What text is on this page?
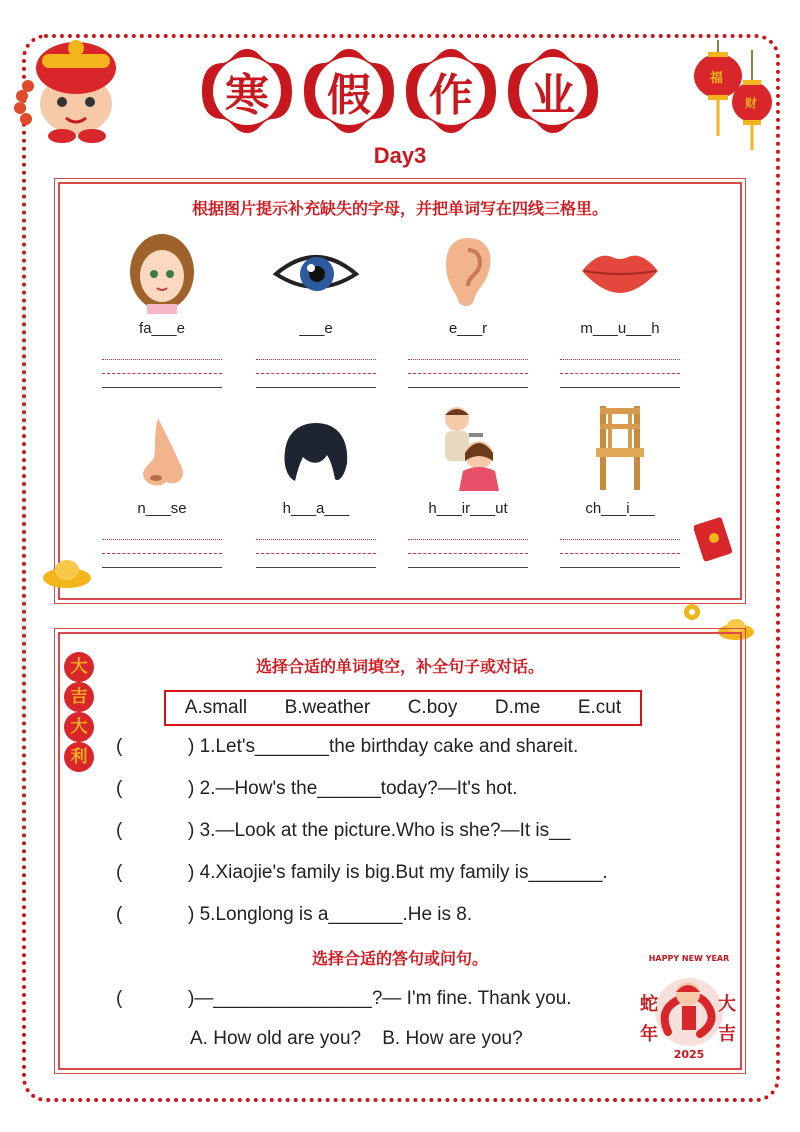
福
财
寒 假 作 业
Day3
根据图片提示补充缺失的字母，并把单词写在四线三格里。
fa___e	___e	e___r	m___u___h
n___se	h___a___	h___ir___ut	ch___i___
选择合适的单词填空，补全句子或对话。
大
吉
大
利
A.small B.weather C.boy D.me E.cut
(	) 1.Let's_______the birthday cake and shareit.
(	) 2.—How's the______today?—It's hot.
(	) 3.—Look at the picture.Who is she?—It is__
(	) 4.Xiaojie's family is big.But my family is_______.
(	) 5.Longlong is a_______.He is 8.
选择合适的答句或问句。
(	)—_______________?— I'm fine. Thank you.
A. How old are you?    B. How are you?
HAPPY NEW YEAR
蛇
年
大
吉
2025
